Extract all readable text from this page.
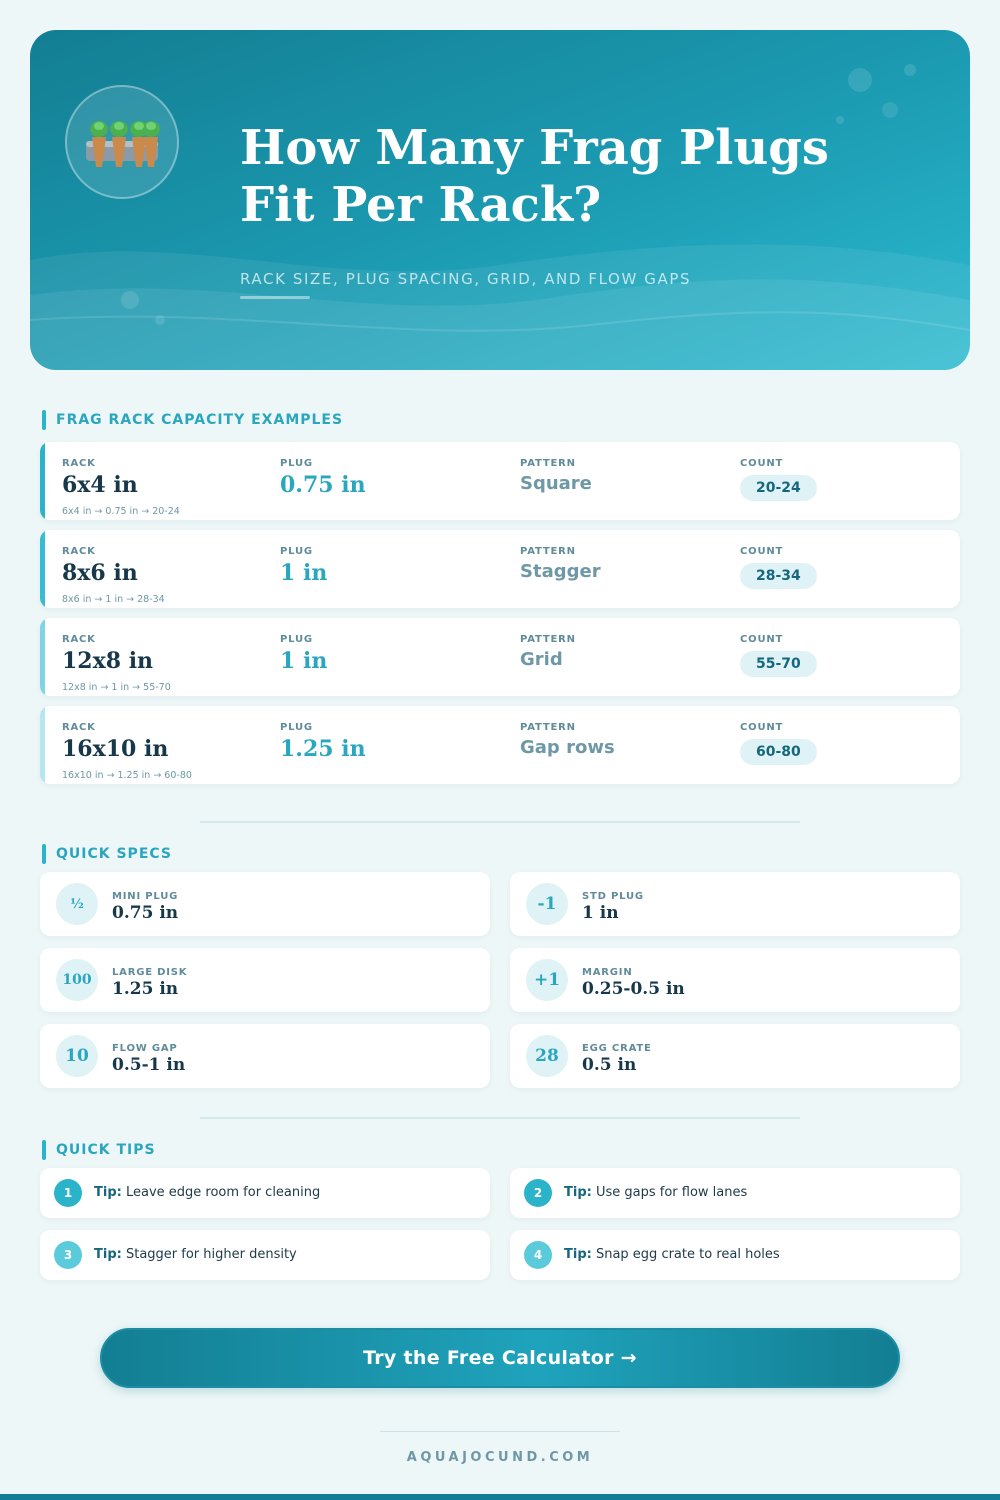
How Many Frag Plugs
Fit Per Rack?
RACK SIZE, PLUG SPACING, GRID, AND FLOW GAPS
FRAG RACK CAPACITY EXAMPLES
RACK
6x4 in
PLUG
0.75 in
PATTERN
Square
COUNT
20-24
6x4 in → 0.75 in → 20-24
RACK
8x6 in
PLUG
1 in
PATTERN
Stagger
COUNT
28-34
8x6 in → 1 in → 28-34
RACK
12x8 in
PLUG
1 in
PATTERN
Grid
COUNT
55-70
12x8 in → 1 in → 55-70
RACK
16x10 in
PLUG
1.25 in
PATTERN
Gap rows
COUNT
60-80
16x10 in → 1.25 in → 60-80
QUICK SPECS
½	MINI PLUG
0.75 in	-1	STD PLUG
1 in
100	LARGE DISK
1.25 in	+1	MARGIN
0.25-0.5 in
10	FLOW GAP
0.5-1 in	28	EGG CRATE
0.5 in
QUICK TIPS
1	Tip: Leave edge room for cleaning	2	Tip: Use gaps for flow lanes
3	Tip: Stagger for higher density	4	Tip: Snap egg crate to real holes
Try the Free Calculator →
AQUAJOCUND.COM
